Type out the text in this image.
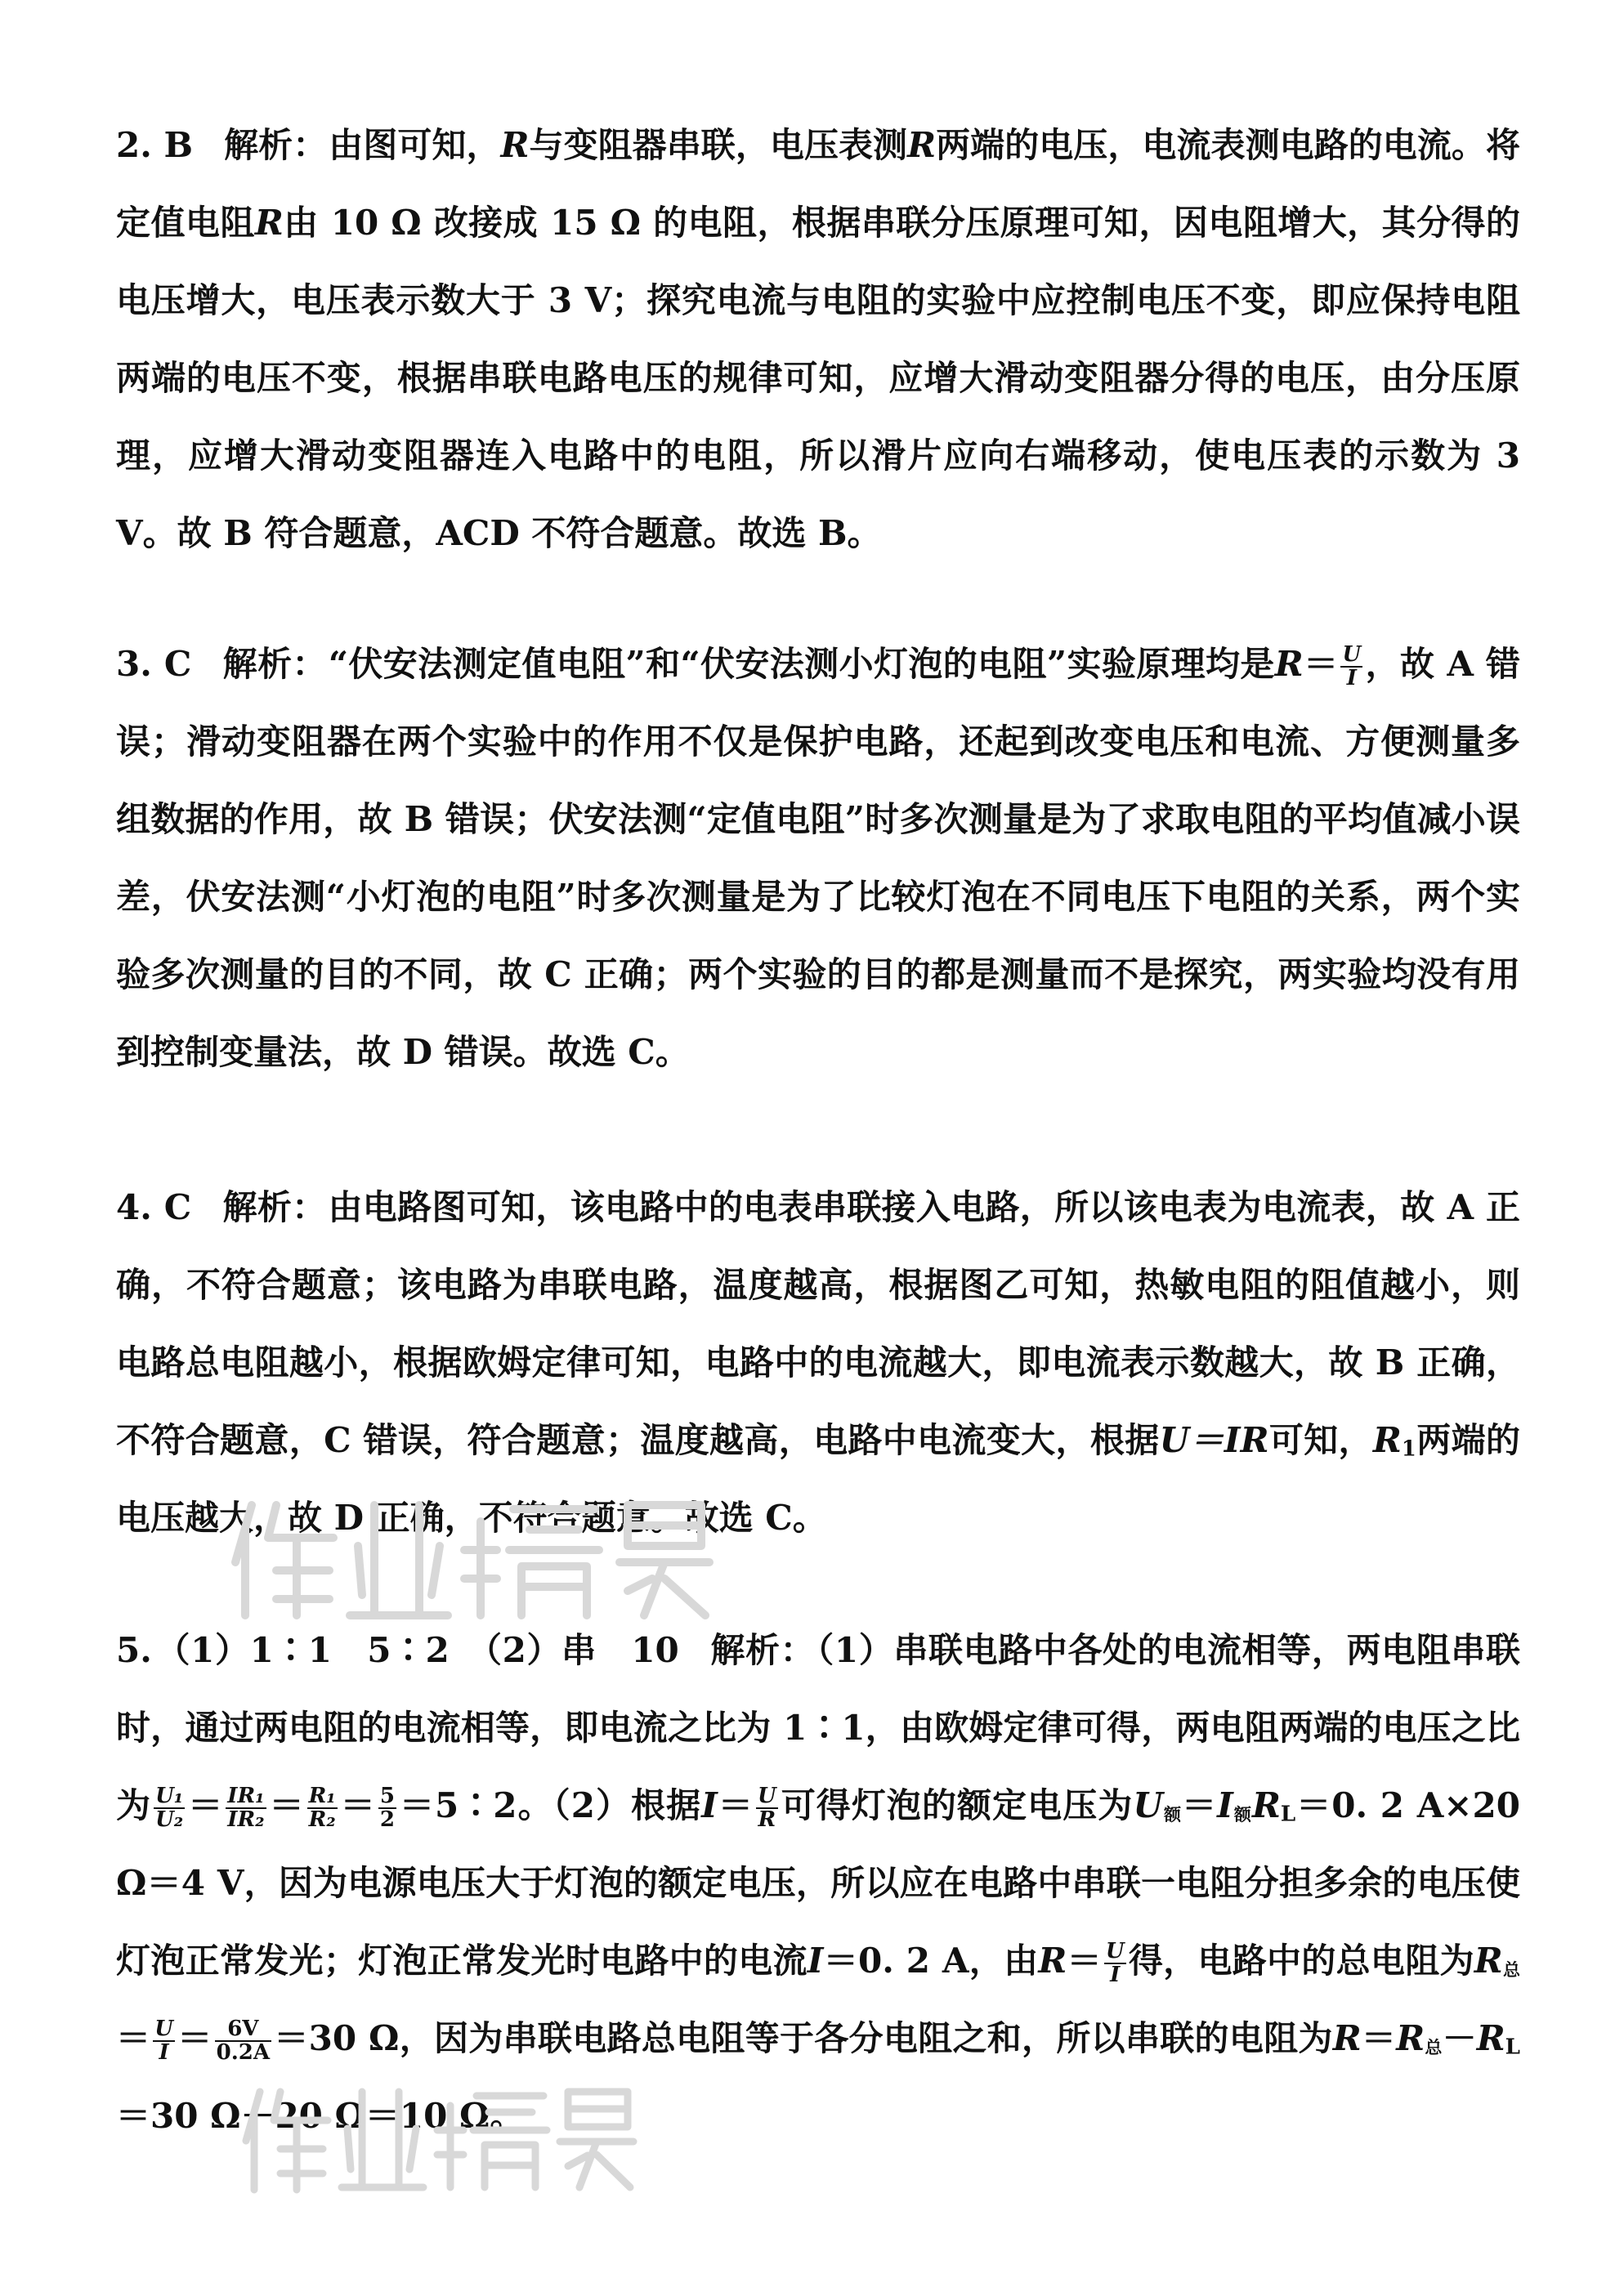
2. B 解析：由图可知，R与变阻器串联，电压表测R两端的电压，电流表测电路的电流。将定值电阻R由 10 Ω 改接成 15 Ω 的电阻，根据串联分压原理可知，因电阻增大，其分得的电压增大，电压表示数大于 3 V；探究电流与电阻的实验中应控制电压不变，即应保持电阻两端的电压不变，根据串联电路电压的规律可知，应增大滑动变阻器分得的电压，由分压原理，应增大滑动变阻器连入电路中的电阻，所以滑片应向右端移动，使电压表的示数为 3 V。故 B 符合题意，ACD 不符合题意。故选 B。
3. C 解析：“伏安法测定值电阻”和“伏安法测小灯泡的电阻”实验原理均是$R= \frac{U}{I}$ ，故 A 错误；滑动变阻器在两个实验中的作用不仅是保护电路，还起到改变电压和电流、方便测量多组数据的作用，故 B 错误；伏安法测“定值电阻”时多次测量是为了求取电阻的平均值减小误差，伏安法测“小灯泡的电阻”时多次测量是为了比较灯泡在不同电压下电阻的关系，两个实验多次测量的目的不同，故 C 正确；两个实验的目的都是测量而不是探究，两实验均没有用到控制变量法，故 D 错误。故选 C。
4. C 解析：由电路图可知，该电路中的电表串联接入电路，所以该电表为电流表，故 A 正确，不符合题意；该电路为串联电路，温度越高，根据图乙可知，热敏电阻的阻值越小，则电路总电阻越小，根据欧姆定律可知，电路中的电流越大，即电流表示数越大，故 B 正确，不符合题意，C 错误，符合题意；温度越高，电路中电流变大，根据U＝IR可知，$R_1$两端的电压越大，故 D 正确，不符合题意。故选 C。
5.（1）1∶1　5∶2　（2）串　10 解析：（1）串联电路中各处的电流相等，两电阻串联时，通过两电阻的电流相等，即电流之比为 1∶1，由欧姆定律可得，两电阻两端的电压之比为 $\frac{\text{U₁}}{\text{U₂}} = \frac{\text{IR₁}}{\text{IR₂}} = \frac{\text{R₁}}{\text{R₂}} = \frac{5}{2}$ ＝5∶2。（2）根据$I= \frac{U}{R}$ 可得灯泡的额定电压为$U_额=I_额R_L=0$. 2 A×20 Ω＝4 V，因为电源电压大于灯泡的额定电压，所以应在电路中串联一电阻分担多余的电压使灯泡正常发光；灯泡正常发光时电路中的电流I＝0. 2 A，由$R= \frac{U}{I}$ 得，电路中的总电阻为$R_总= \frac{U}{I} = \frac{6V}{0.2A} =30$ Ω，因为串联电路总电阻等于各分电阻之和，所以串联的电阻为$R=R_总-R_L=30$ Ω－20 Ω＝10 Ω。
